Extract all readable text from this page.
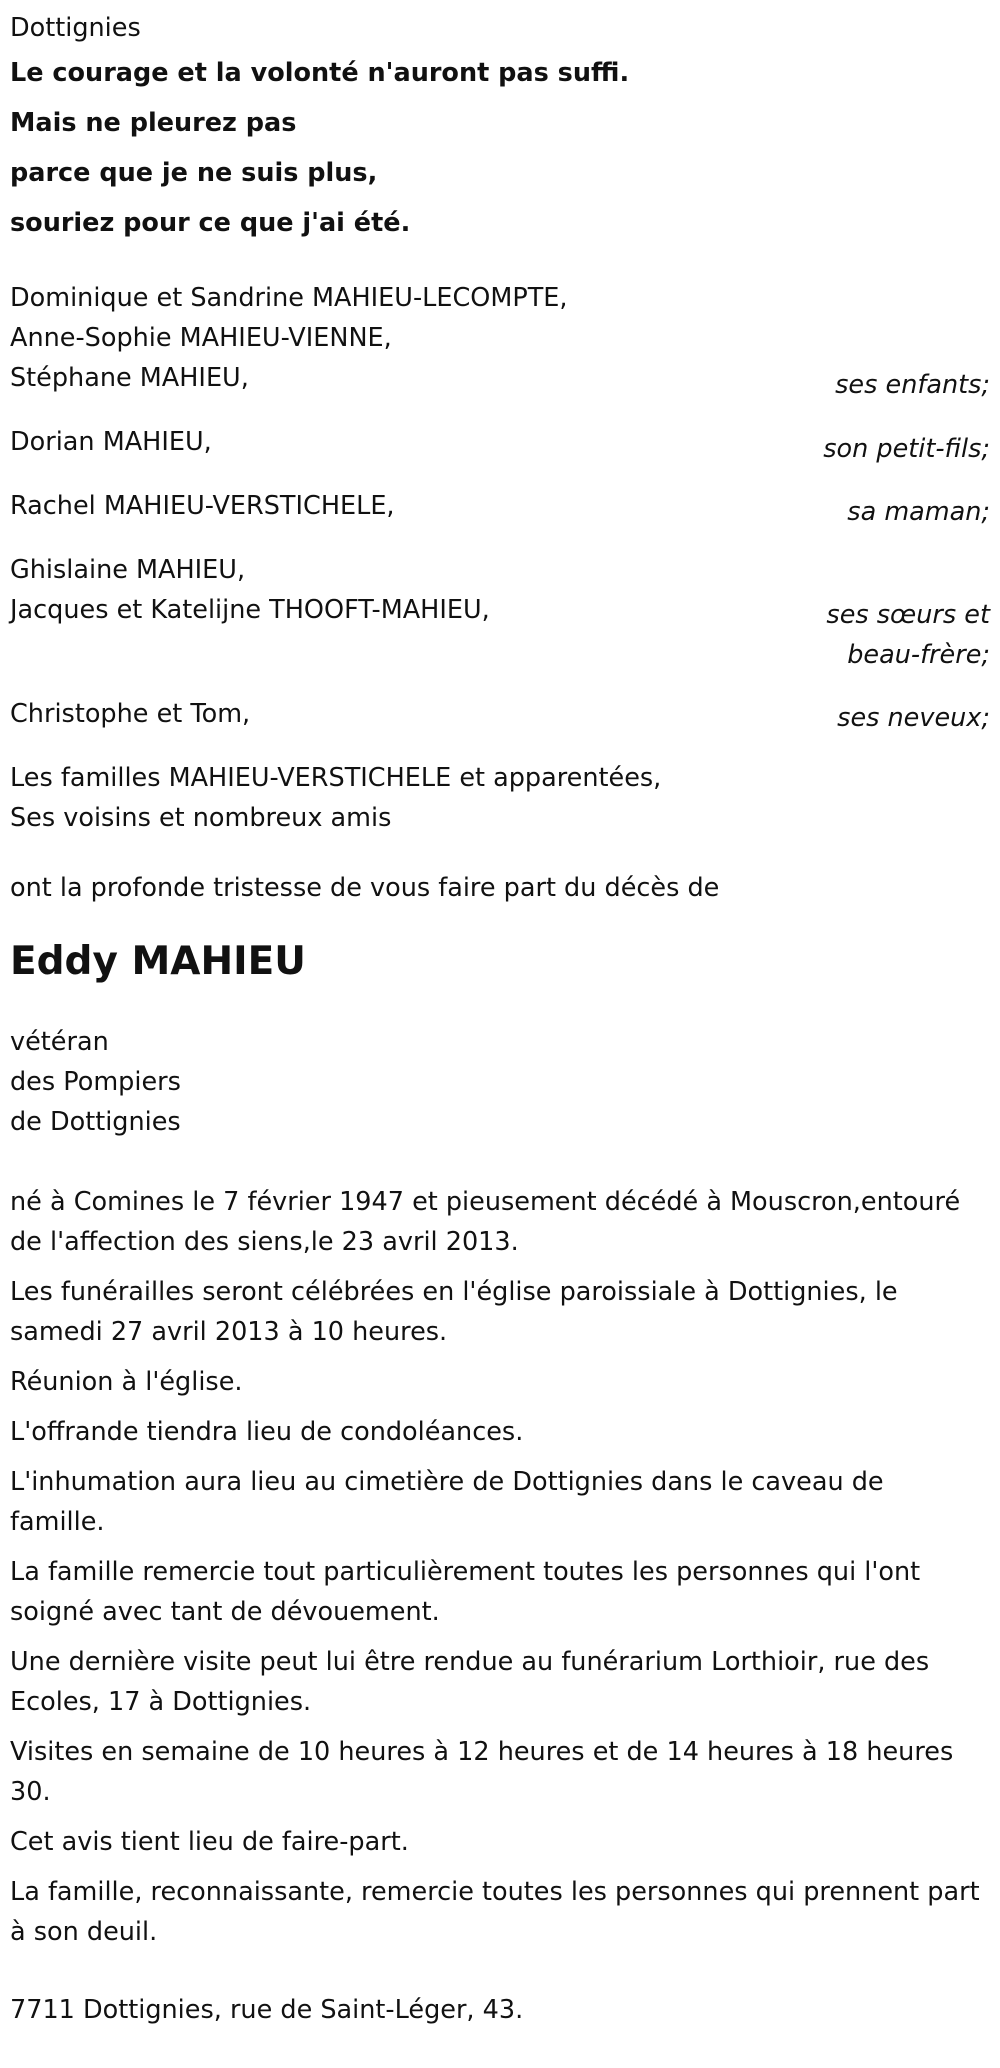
Dottignies
Le courage et la volonté n'auront pas suffi.
Mais ne pleurez pas
parce que je ne suis plus,
souriez pour ce que j'ai été.
Dominique et Sandrine MAHIEU-LECOMPTE,
Anne-Sophie MAHIEU-VIENNE,
Stéphane MAHIEU,
Dorian MAHIEU,
Rachel MAHIEU-VERSTICHELE,
Ghislaine MAHIEU,
Jacques et Katelijne THOOFT-MAHIEU,
Christophe et Tom,
Les familles MAHIEU-VERSTICHELE et apparentées,
Ses voisins et nombreux amis
ses enfants;
son petit-fils;
sa maman;
ses sœurs et
beau-frère;
ses neveux;
ont la profonde tristesse de vous faire part du décès de
Eddy MAHIEU
vétéran
des Pompiers
de Dottignies

né à Comines le 7 février 1947 et pieusement décédé à Mouscron,entouré de l'affection des siens,le 23 avril 2013.

Les funérailles seront célébrées en l'église paroissiale à Dottignies, le samedi 27 avril 2013 à 10 heures.

Réunion à l'église.

L'offrande tiendra lieu de condoléances.

L'inhumation aura lieu au cimetière de Dottignies dans le caveau de famille.

La famille remercie tout particulièrement toutes les personnes qui l'ont soigné avec tant de dévouement.

Une dernière visite peut lui être rendue au funérarium Lorthioir, rue des Ecoles, 17 à Dottignies.

Visites en semaine de 10 heures à 12 heures et de 14 heures à 18 heures 30.

Cet avis tient lieu de faire-part.

La famille, reconnaissante, remercie toutes les personnes qui prennent part à son deuil.

7711 Dottignies, rue de Saint-Léger, 43.
